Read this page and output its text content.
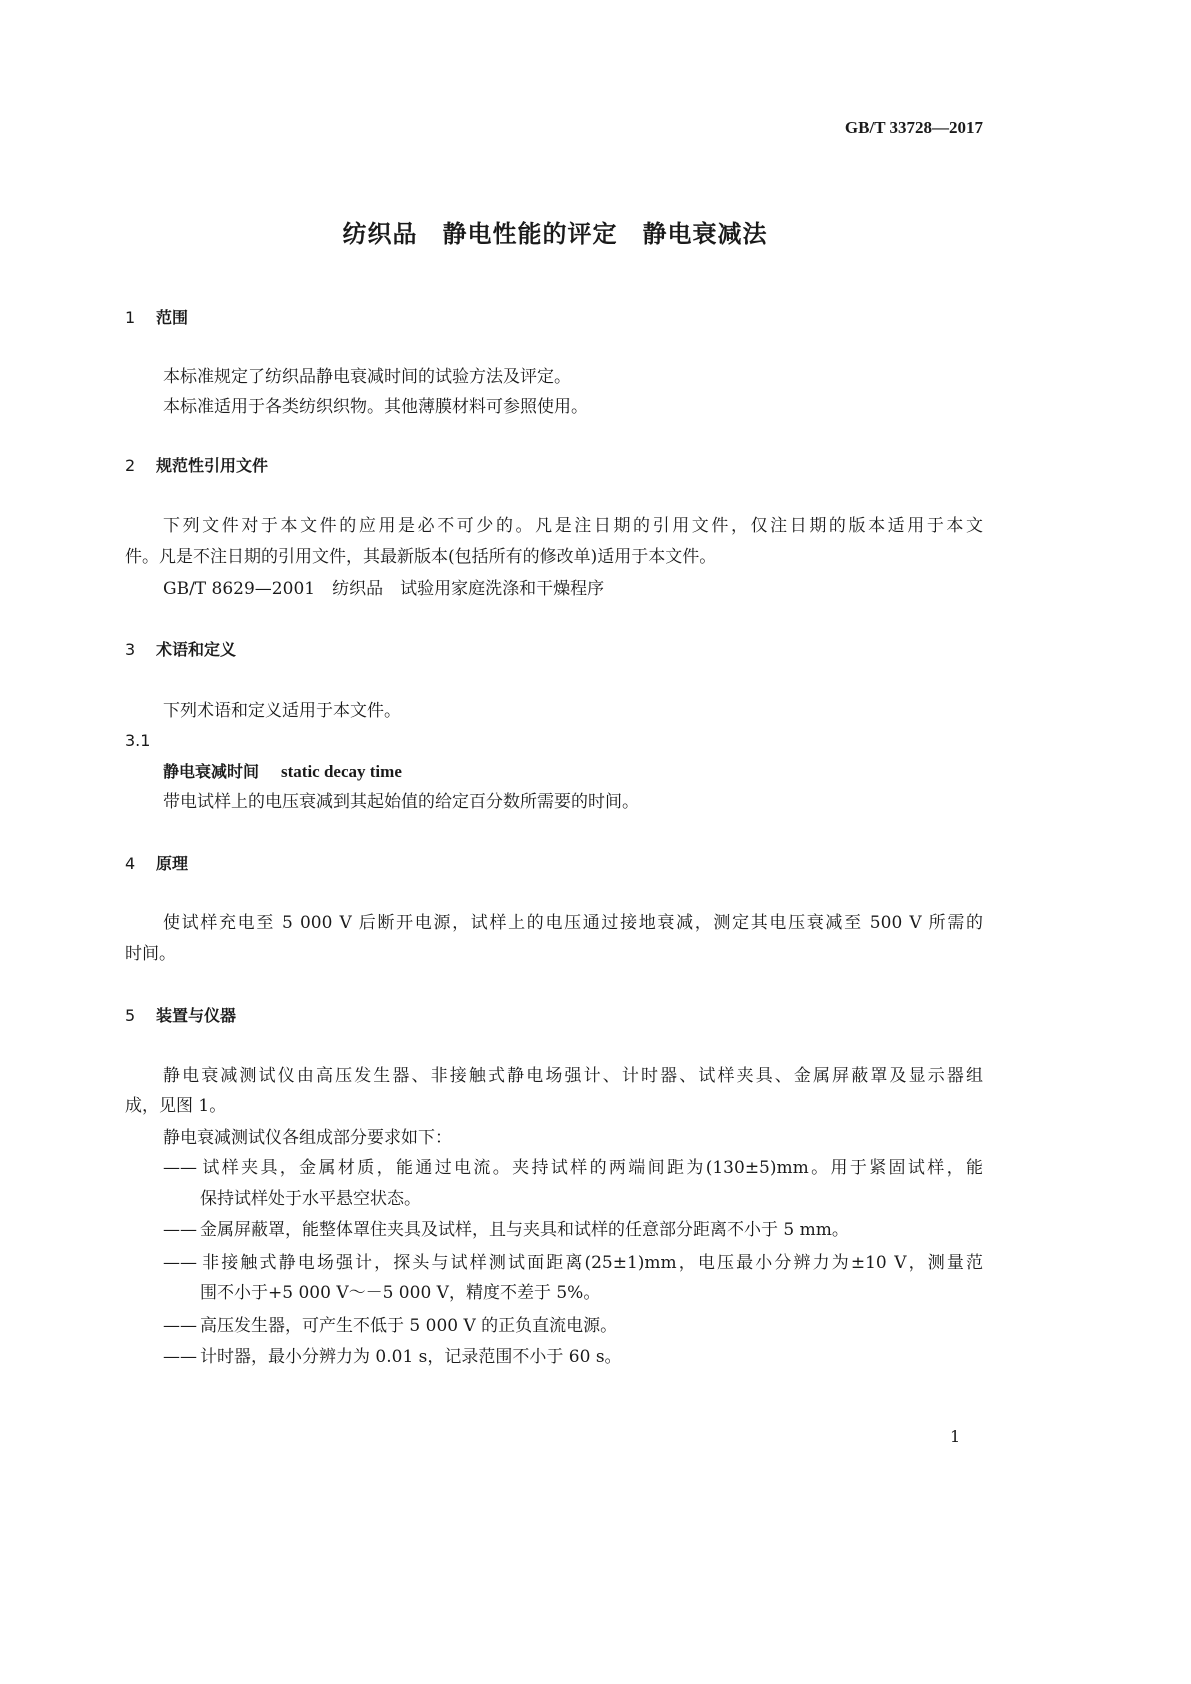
GB/T 33728—2017
纺织品　静电性能的评定　静电衰减法
1 范围
本标准规定了纺织品静电衰减时间的试验方法及评定。
本标准适用于各类纺织织物。其他薄膜材料可参照使用。
2 规范性引用文件
下列文件对于本文件的应用是必不可少的。凡是注日期的引用文件，仅注日期的版本适用于本文
件。凡是不注日期的引用文件，其最新版本(包括所有的修改单)适用于本文件。
GB/T 8629—2001　纺织品　试验用家庭洗涤和干燥程序
3 术语和定义
下列术语和定义适用于本文件。
3.1
静电衰减时间 static decay time
带电试样上的电压衰减到其起始值的给定百分数所需要的时间。
4 原理
使试样充电至 5 000 V 后断开电源，试样上的电压通过接地衰减，测定其电压衰减至 500 V 所需的
时间。
5 装置与仪器
静电衰减测试仪由高压发生器、非接触式静电场强计、计时器、试样夹具、金属屏蔽罩及显示器组
成，见图 1。
静电衰减测试仪各组成部分要求如下：
—— 试样夹具，金属材质，能通过电流。夹持试样的两端间距为(130±5)mm。用于紧固试样，能
保持试样处于水平悬空状态。
—— 金属屏蔽罩，能整体罩住夹具及试样，且与夹具和试样的任意部分距离不小于 5 mm。
—— 非接触式静电场强计，探头与试样测试面距离(25±1)mm，电压最小分辨力为±10 V，测量范
围不小于+5 000 V～－5 000 V，精度不差于 5%。
—— 高压发生器，可产生不低于 5 000 V 的正负直流电源。
—— 计时器，最小分辨力为 0.01 s，记录范围不小于 60 s。
1
